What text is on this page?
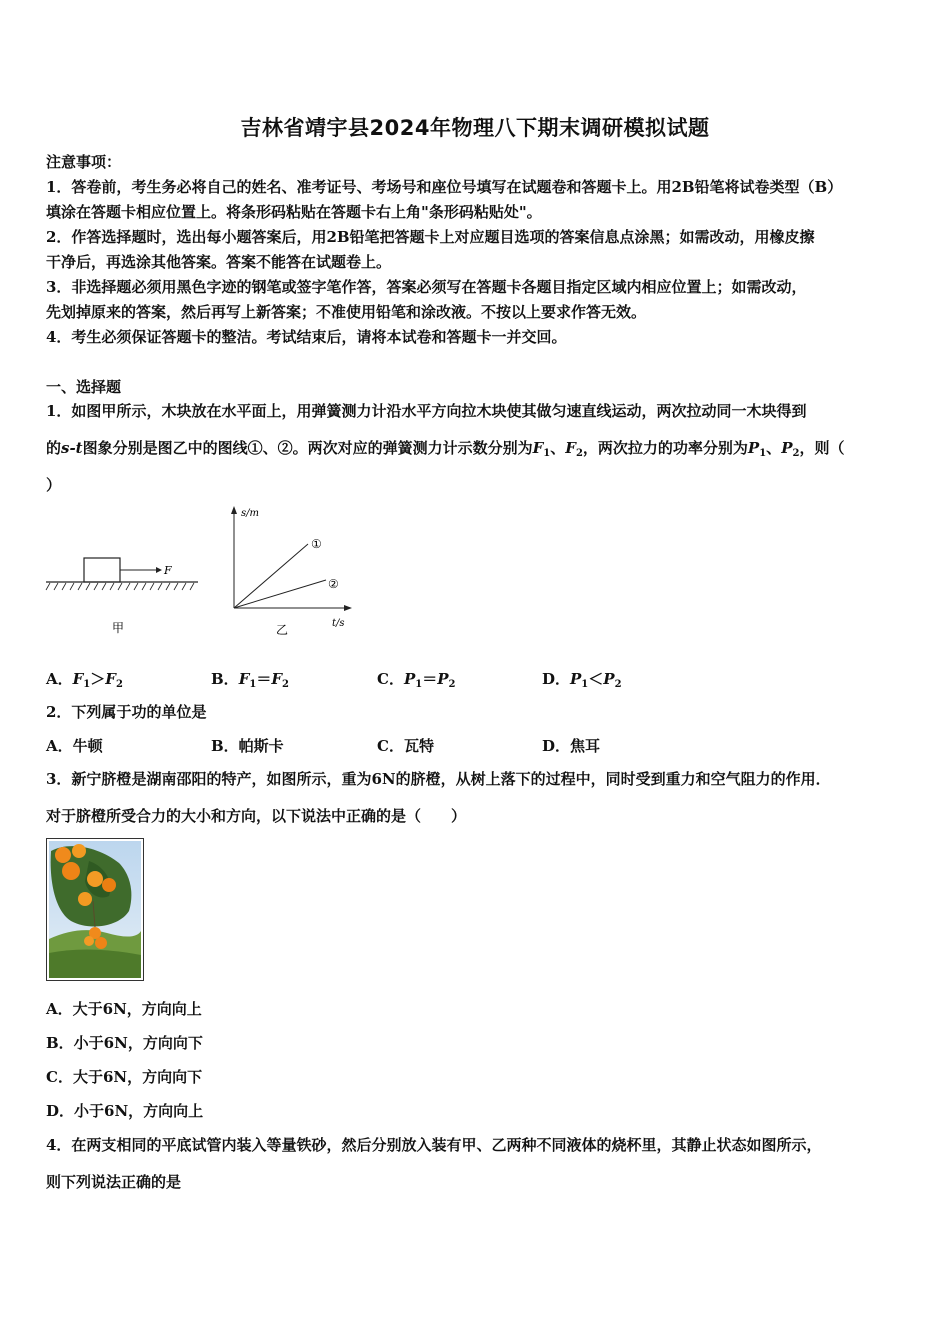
吉林省靖宇县2024年物理八下期末调研模拟试题
注意事项：
1．答卷前，考生务必将自己的姓名、准考证号、考场号和座位号填写在试题卷和答题卡上。用2B铅笔将试卷类型（B）
填涂在答题卡相应位置上。将条形码粘贴在答题卡右上角"条形码粘贴处"。
2．作答选择题时，选出每小题答案后，用2B铅笔把答题卡上对应题目选项的答案信息点涂黑；如需改动，用橡皮擦
干净后，再选涂其他答案。答案不能答在试题卷上。
3．非选择题必须用黑色字迹的钢笔或签字笔作答，答案必须写在答题卡各题目指定区域内相应位置上；如需改动，
先划掉原来的答案，然后再写上新答案；不准使用铅笔和涂改液。不按以上要求作答无效。
4．考生必须保证答题卡的整洁。考试结束后，请将本试卷和答题卡一并交回。
一、选择题
1．如图甲所示，木块放在水平面上，用弹簧测力计沿水平方向拉木块使其做匀速直线运动，两次拉动同一木块得到
的s-t图象分别是图乙中的图线①、②。两次对应的弹簧测力计示数分别为$F_1$、$F_2$，两次拉力的功率分别为$P_1$、$P_2$，则（
）
F
甲
s/m
t/s
①
②
乙
A．$F_1>F_2$	B．$F_1=F_2$	C．$P_1=P_2$	D．$P_1<P_2$
2．下列属于功的单位是
A．牛顿	B．帕斯卡	C．瓦特	D．焦耳
3．新宁脐橙是湖南邵阳的特产，如图所示，重为6N的脐橙，从树上落下的过程中，同时受到重力和空气阻力的作用．
对于脐橙所受合力的大小和方向，以下说法中正确的是（　　）
A．大于6N，方向向上
B．小于6N，方向向下
C．大于6N，方向向下
D．小于6N，方向向上
4．在两支相同的平底试管内装入等量铁砂，然后分别放入装有甲、乙两种不同液体的烧杯里，其静止状态如图所示，
则下列说法正确的是
